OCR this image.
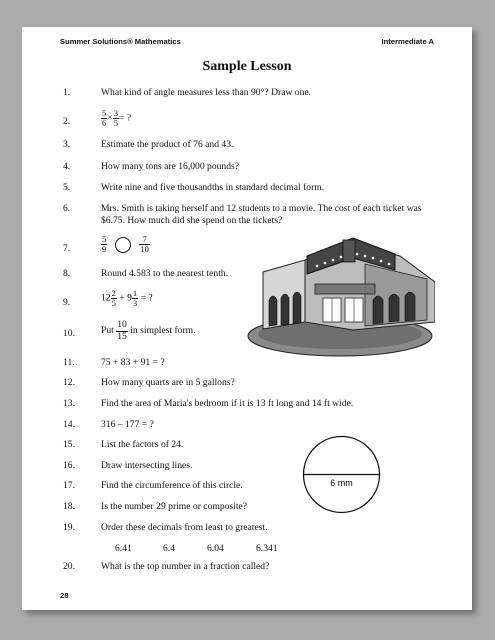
Summer Solutions® Mathematics	Intermediate A
Sample Lesson
1.	What kind of angle measures less than 90°? Draw one.
2.	$\frac{5}{6} \times \frac{3}{5}$ = ?
3.	Estimate the product of 76 and 43.
4.	How many tons are 16,000 pounds?
5.	Write nine and five thousandths in standard decimal form.
6.	Mrs. Smith is taking herself and 12 students to a movie. The cost of each ticket was $6.75. How much did she spend on the tickets?
7.	$\frac{5}{9}$	$\frac{7}{10}$
8.	Round 4.583 to the nearest tenth.
9.	$12 \frac{2}{5} + 9 \frac{1}{3}$ = ?
10.	Put $\frac{10}{15}$ in simplest form.
11.	75 + 83 + 91 = ?
12.	How many quarts are in 5 gallons?
13.	Find the area of Maria's bedroom if it is 13 ft long and 14 ft wide.
14.	316 – 177 = ?
15.	List the factors of 24.
16.	Draw intersecting lines.
17.	Find the circumference of this circle.
18.	Is the number 29 prime or composite?
19.	Order these decimals from least to greatest.
6.41	6.4	6.04	6.341
20.	What is the top number in a fraction called?
6 mm
28
